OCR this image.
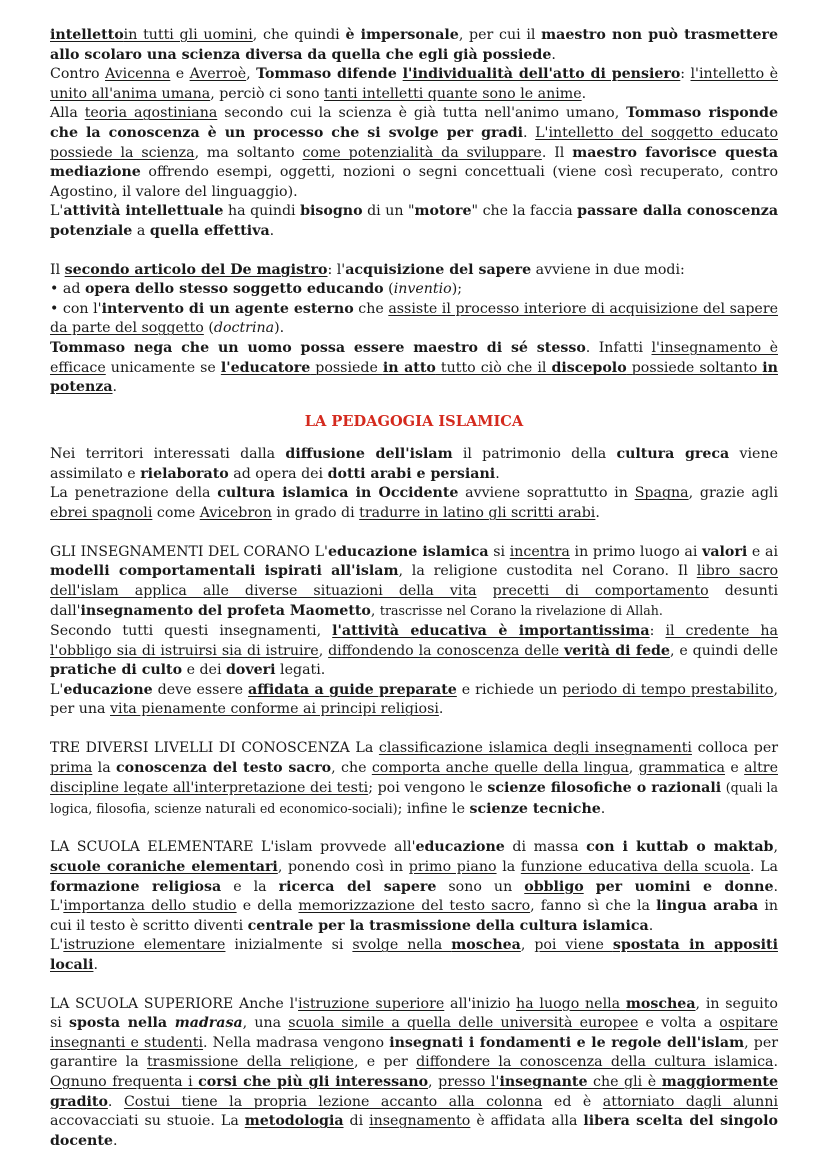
intellettoin tutti gli uomini, che quindi è impersonale, per cui il maestro non può trasmettere allo scolaro una scienza diversa da quella che egli già possiede.

Contro Avicenna e Averroè, Tommaso difende l'individualità dell'atto di pensiero: l'intelletto è unito all'anima umana, perciò ci sono tanti intelletti quante sono le anime.

Alla teoria agostiniana secondo cui la scienza è già tutta nell'animo umano, Tommaso risponde che la conoscenza è un processo che si svolge per gradi. L'intelletto del soggetto educato possiede la scienza, ma soltanto come potenzialità da sviluppare. Il maestro favorisce questa mediazione offrendo esempi, oggetti, nozioni o segni concettuali (viene così recuperato, contro Agostino, il valore del linguaggio).

L'attività intellettuale ha quindi bisogno di un "motore" che la faccia passare dalla conoscenza potenziale a quella effettiva.

Il secondo articolo del De magistro: l'acquisizione del sapere avviene in due modi:

• ad opera dello stesso soggetto educando (inventio);

• con l'intervento di un agente esterno che assiste il processo interiore di acquisizione del sapere da parte del soggetto (doctrina).

Tommaso nega che un uomo possa essere maestro di sé stesso. Infatti l'insegnamento è efficace unicamente se l'educatore possiede in atto tutto ciò che il discepolo possiede soltanto in potenza.

LA PEDAGOGIA ISLAMICA

Nei territori interessati dalla diffusione dell'islam il patrimonio della cultura greca viene assimilato e rielaborato ad opera dei dotti arabi e persiani.

La penetrazione della cultura islamica in Occidente avviene soprattutto in Spagna, grazie agli ebrei spagnoli come Avicebron in grado di tradurre in latino gli scritti arabi.

GLI INSEGNAMENTI DEL CORANO L'educazione islamica si incentra in primo luogo ai valori e ai modelli comportamentali ispirati all'islam, la religione custodita nel Corano. Il libro sacro dell'islam applica alle diverse situazioni della vita precetti di comportamento desunti dall'insegnamento del profeta Maometto, trascrisse nel Corano la rivelazione di Allah.

Secondo tutti questi insegnamenti, l'attività educativa è importantissima: il credente ha l'obbligo sia di istruirsi sia di istruire, diffondendo la conoscenza delle verità di fede, e quindi delle pratiche di culto e dei doveri legati.

L'educazione deve essere affidata a guide preparate e richiede un periodo di tempo prestabilito, per una vita pienamente conforme ai principi religiosi.

TRE DIVERSI LIVELLI DI CONOSCENZA La classificazione islamica degli insegnamenti colloca per prima la conoscenza del testo sacro, che comporta anche quelle della lingua, grammatica e altre discipline legate all'interpretazione dei testi; poi vengono le scienze filosofiche o razionali (quali la logica, filosofia, scienze naturali ed economico-sociali); infine le scienze tecniche.

LA SCUOLA ELEMENTARE L'islam provvede all'educazione di massa con i kuttab o maktab, scuole coraniche elementari, ponendo così in primo piano la funzione educativa della scuola. La formazione religiosa e la ricerca del sapere sono un obbligo per uomini e donne. L'importanza dello studio e della memorizzazione del testo sacro, fanno sì che la lingua araba in cui il testo è scritto diventi centrale per la trasmissione della cultura islamica.

L'istruzione elementare inizialmente si svolge nella moschea, poi viene spostata in appositi locali.

LA SCUOLA SUPERIORE Anche l'istruzione superiore all'inizio ha luogo nella moschea, in seguito si sposta nella madrasa, una scuola simile a quella delle università europee e volta a ospitare insegnanti e studenti. Nella madrasa vengono insegnati i fondamenti e le regole dell'islam, per garantire la trasmissione della religione, e per diffondere la conoscenza della cultura islamica. Ognuno frequenta i corsi che più gli interessano, presso l'insegnante che gli è maggiormente gradito. Costui tiene la propria lezione accanto alla colonna ed è attorniato dagli alunni accovacciati su stuoie. La metodologia di insegnamento è affidata alla libera scelta del singolo docente.
